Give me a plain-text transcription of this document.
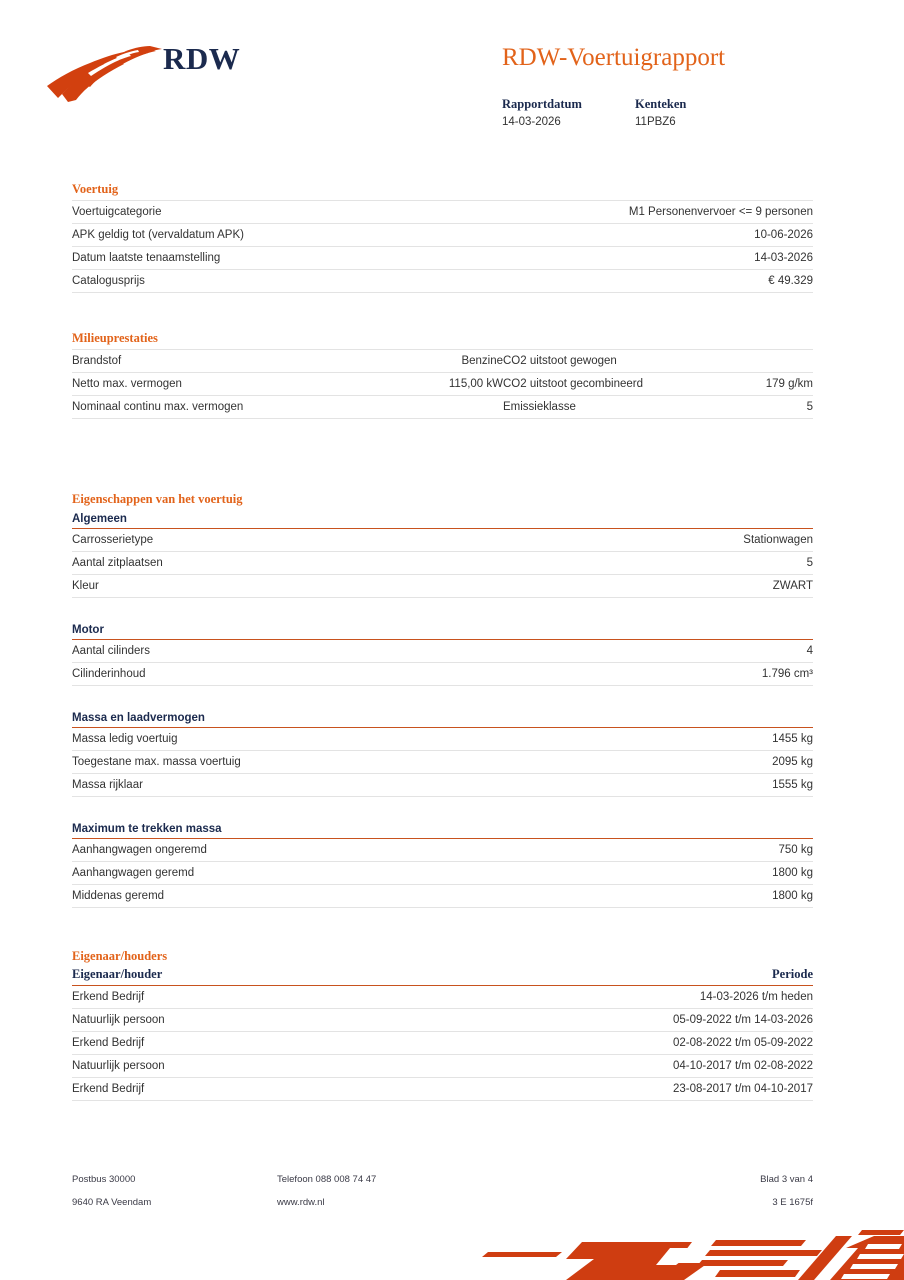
RDW	RDW-Voertuigrapport
Rapportdatum
14-03-2026
Kenteken
11PBZ6
Voertuig
Voertuigcategorie	M1 Personenvervoer <= 9 personen
APK geldig tot (vervaldatum APK)	10-06-2026
Datum laatste tenaamstelling	14-03-2026
Catalogusprijs	€ 49.329
Milieuprestaties
Brandstof	Benzine	CO2 uitstoot gewogen	
Netto max. vermogen	115,00 kW	CO2 uitstoot gecombineerd	179 g/km
Nominaal continu max. vermogen		Emissieklasse	5
Eigenschappen van het voertuig
Algemeen
Carrosserietype	Stationwagen
Aantal zitplaatsen	5
Kleur	ZWART
Motor
Aantal cilinders	4
Cilinderinhoud	1.796 cm³
Massa en laadvermogen
Massa ledig voertuig	1455 kg
Toegestane max. massa voertuig	2095 kg
Massa rijklaar	1555 kg
Maximum te trekken massa
Aanhangwagen ongeremd	750 kg
Aanhangwagen geremd	1800 kg
Middenas geremd	1800 kg
Eigenaar/houders
Eigenaar/houder	Periode
Erkend Bedrijf	14-03-2026 t/m heden
Natuurlijk persoon	05-09-2022 t/m 14-03-2026
Erkend Bedrijf	02-08-2022 t/m 05-09-2022
Natuurlijk persoon	04-10-2017 t/m 02-08-2022
Erkend Bedrijf	23-08-2017 t/m 04-10-2017
Postbus 30000
9640 RA Veendam
Telefoon 088 008 74 47
www.rdw.nl
Blad 3 van 4
3 E 1675f
